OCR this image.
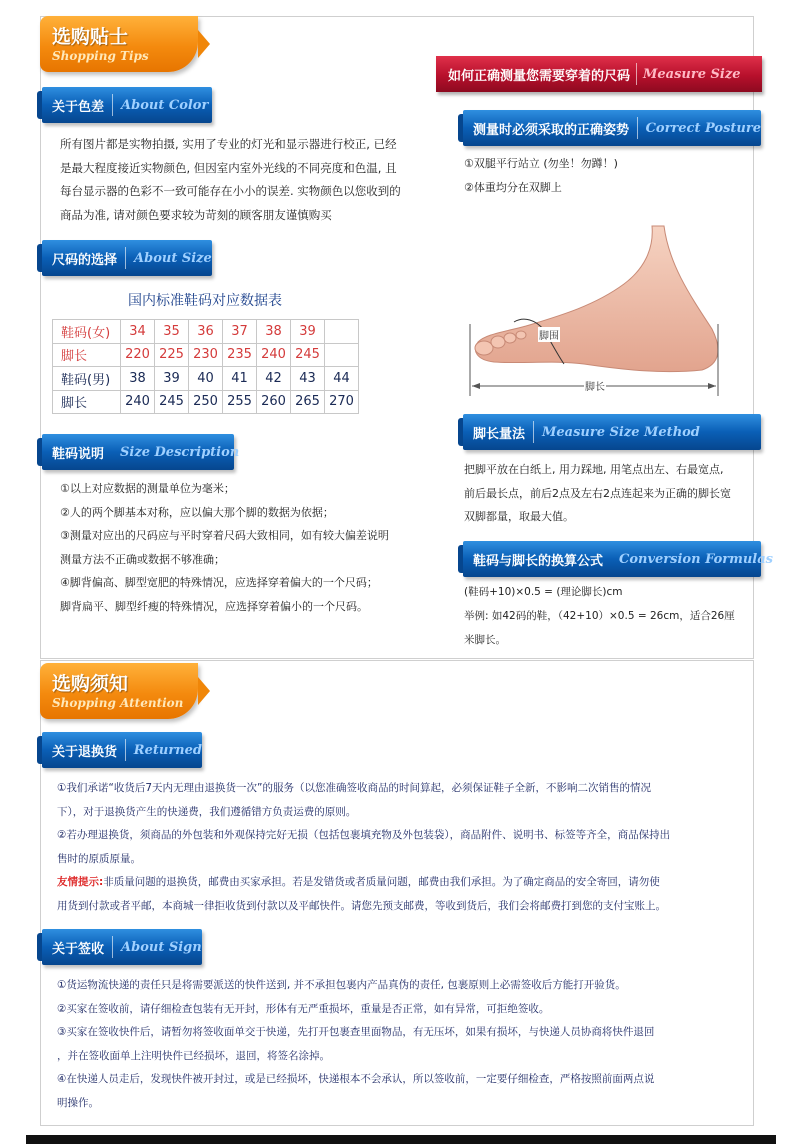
选购贴士
Shopping Tips
关于色差	About Color
所有图片都是实物拍摄, 实用了专业的灯光和显示器进行校正, 已经
是最大程度接近实物颜色, 但因室内室外光线的不同亮度和色温, 且
每台显示器的色彩不一致可能存在小小的误差. 实物颜色以您收到的
商品为准, 请对颜色要求较为苛刻的顾客朋友谨慎购买
尺码的选择	About Size
国内标准鞋码对应数据表
鞋码(女)	34	35	36	37	38	39	
脚长	220	225	230	235	240	245	
鞋码(男)	38	39	40	41	42	43	44
脚长	240	245	250	255	260	265	270
鞋码说明	Size Description
①以上对应数据的测量单位为毫米；
②人的两个脚基本对称，应以偏大那个脚的数据为依据；
③测量对应出的尺码应与平时穿着尺码大致相同，如有较大偏差说明
测量方法不正确或数据不够准确；
④脚背偏高、脚型宽肥的特殊情况，应选择穿着偏大的一个尺码；
脚背扁平、脚型纤瘦的特殊情况，应选择穿着偏小的一个尺码。
如何正确测量您需要穿着的尺码	Measure Size
测量时必须采取的正确姿势	Correct Posture
①双腿平行站立 (勿坐！勿蹲！)
②体重均分在双脚上
脚围
脚长
脚长量法	Measure Size Method
把脚平放在白纸上, 用力踩地, 用笔点出左、右最宽点,
前后最长点，前后2点及左右2点连起来为正确的脚长宽
双脚都量，取最大值。
鞋码与脚长的换算公式	Conversion Formulas
(鞋码+10)×0.5 = (理论脚长)cm
举例: 如42码的鞋，（42+10）×0.5 = 26cm，适合26厘
米脚长。
选购须知
Shopping Attention
关于退换货	Returned
①我们承诺“收货后7天内无理由退换货一次”的服务（以您准确签收商品的时间算起，必须保证鞋子全新，不影响二次销售的情况
下），对于退换货产生的快递费，我们遵循错方负责运费的原则。
②若办理退换货，须商品的外包装和外观保持完好无损（包括包裹填充物及外包装袋），商品附件、说明书、标签等齐全，商品保持出
售时的原质原量。
友情提示:非质量问题的退换货，邮费由买家承担。若是发错货或者质量问题，邮费由我们承担。为了确定商品的安全寄回，请勿使
用货到付款或者平邮，本商城一律拒收货到付款以及平邮快件。请您先预支邮费，等收到货后，我们会将邮费打到您的支付宝账上。
关于签收	About Sign
①货运物流快递的责任只是将需要派送的快件送到, 并不承担包裹内产品真伪的责任, 包裹原则上必需签收后方能打开验货。
②买家在签收前，请仔细检查包装有无开封，形体有无严重损坏，重量是否正常，如有异常，可拒绝签收。
③买家在签收快件后，请暂勿将签收面单交于快递，先打开包裹查里面物品，有无压坏，如果有损坏，与快递人员协商将快件退回
，并在签收面单上注明快件已经损坏，退回，将签名涂掉。
④在快递人员走后，发现快件被开封过，或是已经损坏，快递根本不会承认，所以签收前，一定要仔细检查，严格按照前面两点说
明操作。
